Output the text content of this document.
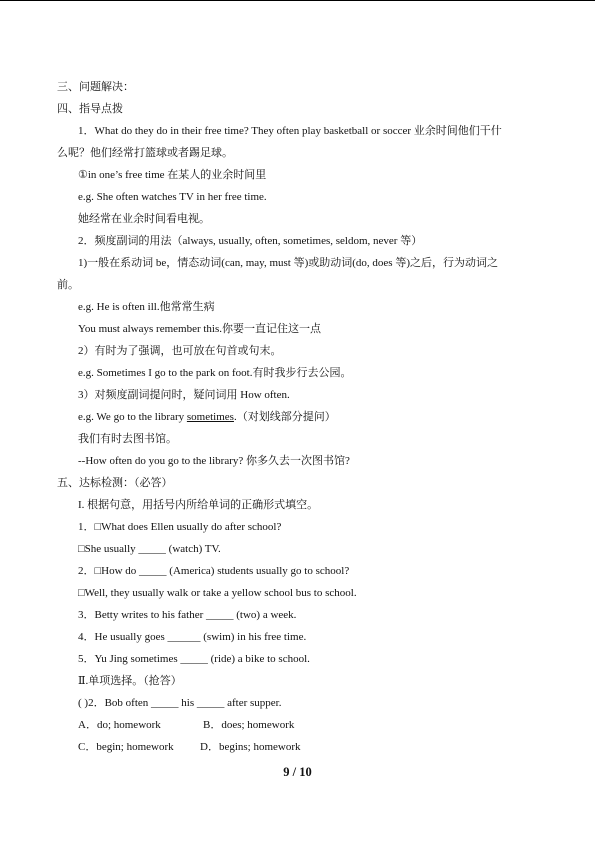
三、问题解决：
四、指导点拨
1．What do they do in their free time? They often play basketball or soccer 业余时间他们干什
么呢？他们经常打篮球或者踢足球。
①in one’s free time 在某人的业余时间里
e.g. She often watches TV in her free time.
她经常在业余时间看电视。
2．频度副词的用法（always, usually, often, sometimes, seldom, never 等）
1)一般在系动词 be，情态动词(can, may, must 等)或助动词(do, does 等)之后，行为动词之
前。
e.g. He is often ill.他常常生病
You must always remember this.你要一直记住这一点
2）有时为了强调，也可放在句首或句末。
e.g. Sometimes I go to the park on foot.有时我步行去公园。
3）对频度副词提问时，疑问词用 How often.
e.g. We go to the library sometimes.（对划线部分提问）
我们有时去图书馆。
--How often do you go to the library? 你多久去一次图书馆?
五、达标检测：（必答）
I. 根据句意，用括号内所给单词的正确形式填空。
1．□What does Ellen usually do after school?
□She usually _____ (watch) TV.
2．□How do _____ (America) students usually go to school?
□Well, they usually walk or take a yellow school bus to school.
3．Betty writes to his father _____ (two) a week.
4．He usually goes ______ (swim) in his free time.
5．Yu Jing sometimes _____ (ride) a bike to school.
Ⅱ.单项选择。（抢答）
( )2．Bob often _____ his _____ after supper.
A．do; homework	B．does; homework
C．begin; homework D．begins; homework
9 / 10
